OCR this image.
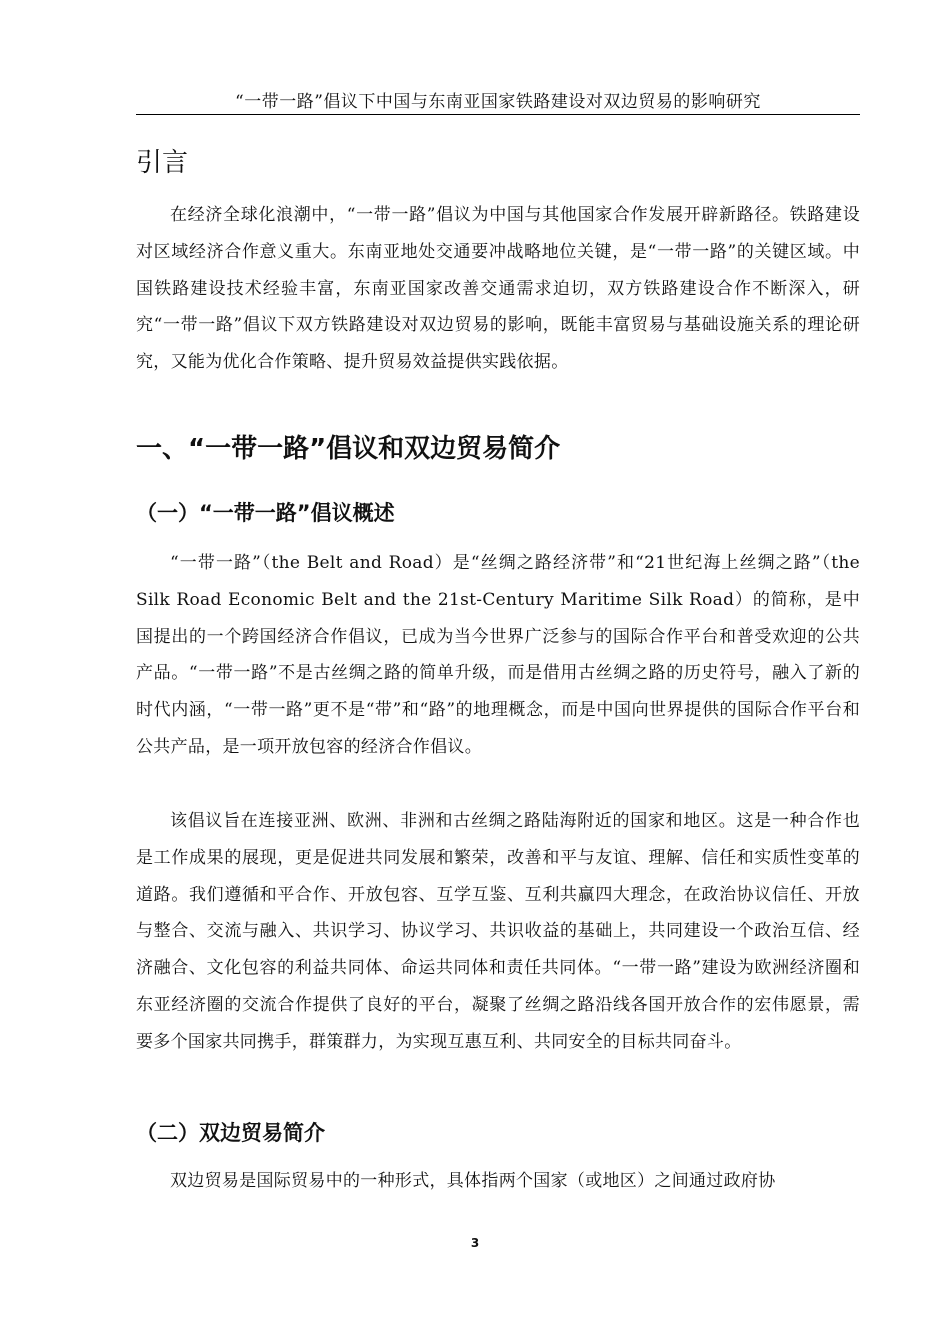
“一带一路”倡议下中国与东南亚国家铁路建设对双边贸易的影响研究
引言
在经济全球化浪潮中，“一带一路”倡议为中国与其他国家合作发展开辟新路径。铁路建设对区域经济合作意义重大。东南亚地处交通要冲战略地位关键，是“一带一路”的关键区域。中国铁路建设技术经验丰富，东南亚国家改善交通需求迫切，双方铁路建设合作不断深入，研究“一带一路”倡议下双方铁路建设对双边贸易的影响，既能丰富贸易与基础设施关系的理论研究，又能为优化合作策略、提升贸易效益提供实践依据。
一、“一带一路”倡议和双边贸易简介
（一）“一带一路”倡议概述
“一带一路”（the Belt and Road）是“丝绸之路经济带”和“21世纪海上丝绸之路”（the Silk Road Economic Belt and the 21st-Century Maritime Silk Road）的简称，是中国提出的一个跨国经济合作倡议，已成为当今世界广泛参与的国际合作平台和普受欢迎的公共产品。“一带一路”不是古丝绸之路的简单升级，而是借用古丝绸之路的历史符号，融入了新的时代内涵，“一带一路”更不是“带”和“路”的地理概念，而是中国向世界提供的国际合作平台和公共产品，是一项开放包容的经济合作倡议。
该倡议旨在连接亚洲、欧洲、非洲和古丝绸之路陆海附近的国家和地区。这是一种合作也是工作成果的展现，更是促进共同发展和繁荣，改善和平与友谊、理解、信任和实质性变革的道路。我们遵循和平合作、开放包容、互学互鉴、互利共赢四大理念，在政治协议信任、开放与整合、交流与融入、共识学习、协议学习、共识收益的基础上，共同建设一个政治互信、经济融合、文化包容的利益共同体、命运共同体和责任共同体。“一带一路”建设为欧洲经济圈和东亚经济圈的交流合作提供了良好的平台，凝聚了丝绸之路沿线各国开放合作的宏伟愿景，需要多个国家共同携手，群策群力，为实现互惠互利、共同安全的目标共同奋斗。
（二）双边贸易简介
双边贸易是国际贸易中的一种形式，具体指两个国家（或地区）之间通过政府协
3
